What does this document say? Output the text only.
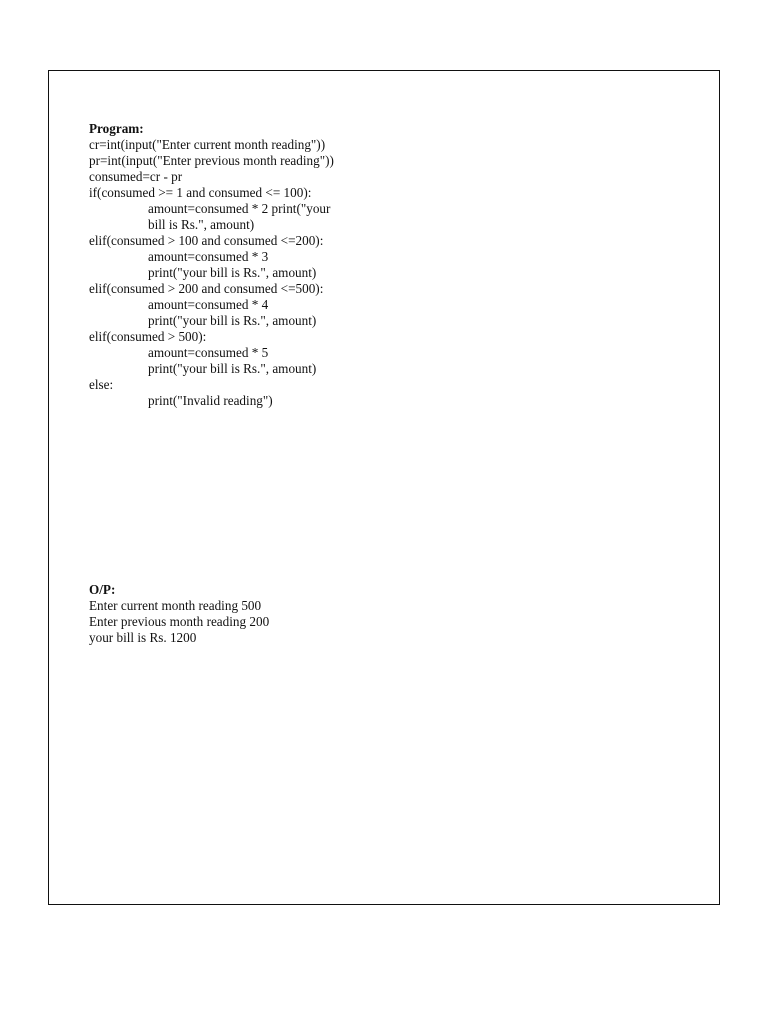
Program:
cr=int(input("Enter current month reading"))
pr=int(input("Enter previous month reading"))
consumed=cr - pr
if(consumed >= 1 and consumed <= 100):
amount=consumed * 2 print("your
bill is Rs.", amount)
elif(consumed > 100 and consumed <=200):
amount=consumed * 3
print("your bill is Rs.", amount)
elif(consumed > 200 and consumed <=500):
amount=consumed * 4
print("your bill is Rs.", amount)
elif(consumed > 500):
amount=consumed * 5
print("your bill is Rs.", amount)
else:
print("Invalid reading")
O/P:
Enter current month reading 500
Enter previous month reading 200
your bill is Rs. 1200
